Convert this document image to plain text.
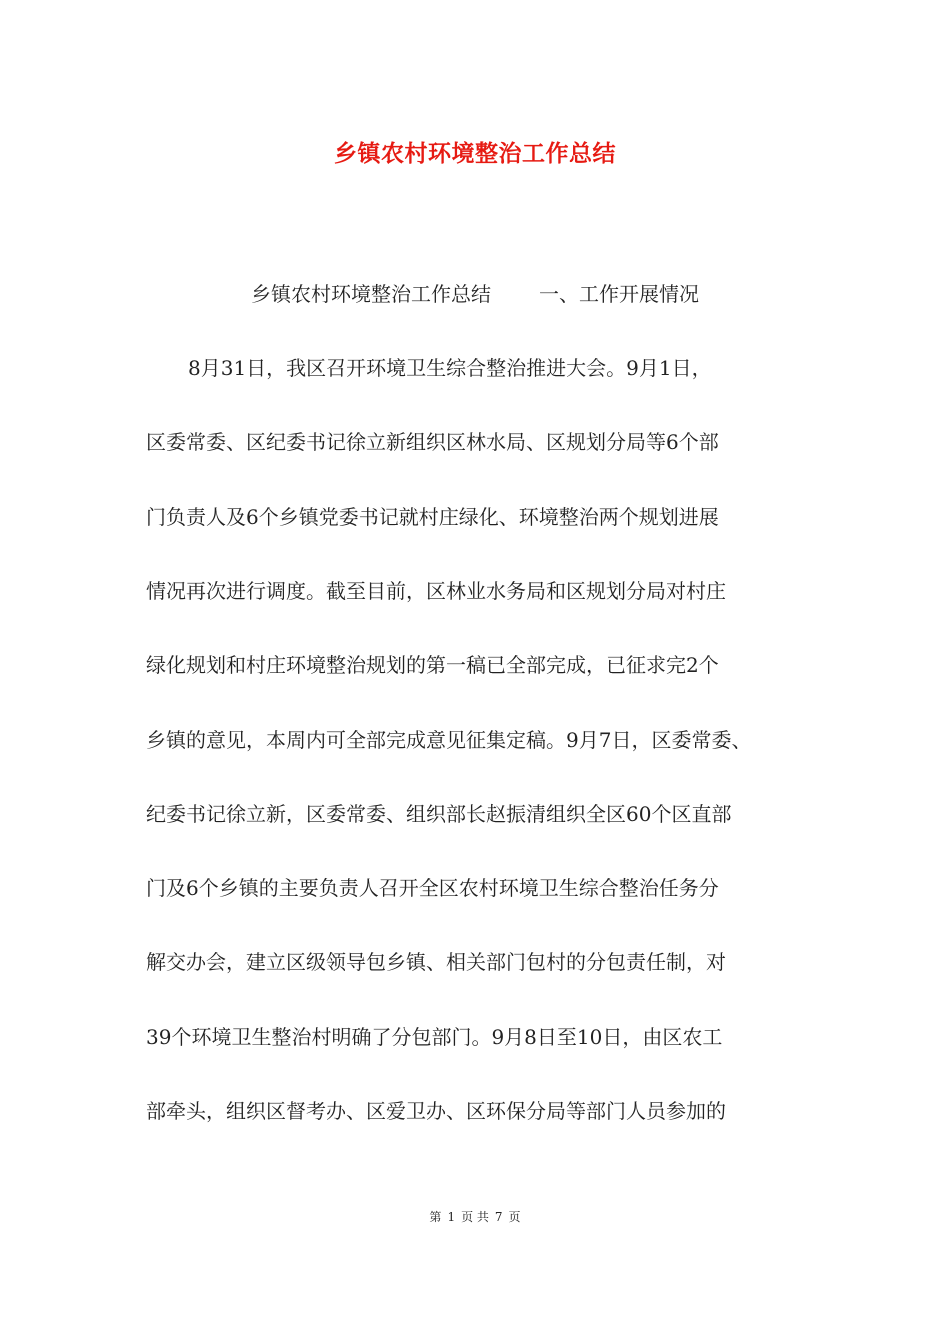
乡镇农村环境整治工作总结
乡镇农村环境整治工作总结 一、工作开展情况
8月31日，我区召开环境卫生综合整治推进大会。9月1日，
区委常委、区纪委书记徐立新组织区林水局、区规划分局等6个部
门负责人及6个乡镇党委书记就村庄绿化、环境整治两个规划进展
情况再次进行调度。截至目前，区林业水务局和区规划分局对村庄
绿化规划和村庄环境整治规划的第一稿已全部完成，已征求完2个
乡镇的意见，本周内可全部完成意见征集定稿。9月7日，区委常委、
纪委书记徐立新，区委常委、组织部长赵振清组织全区60个区直部
门及6个乡镇的主要负责人召开全区农村环境卫生综合整治任务分
解交办会，建立区级领导包乡镇、相关部门包村的分包责任制，对
39个环境卫生整治村明确了分包部门。9月8日至10日，由区农工
部牵头，组织区督考办、区爱卫办、区环保分局等部门人员参加的
第 1 页 共 7 页
